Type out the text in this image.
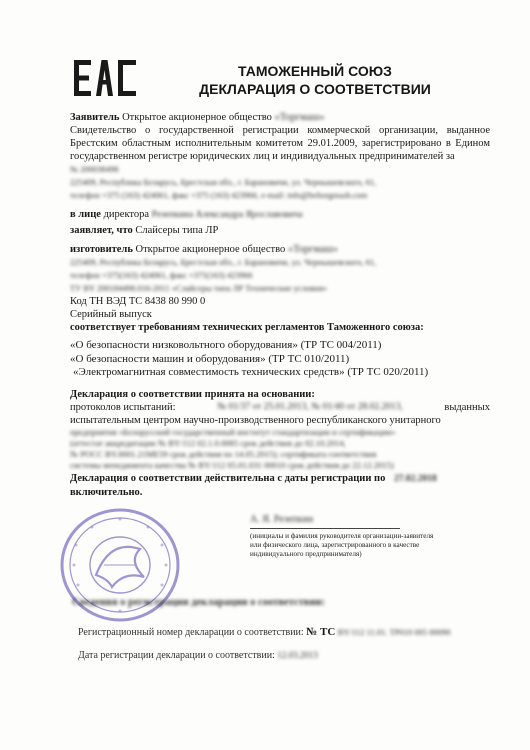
ТАМОЖЕННЫЙ СОЮЗ
ДЕКЛАРАЦИЯ О СООТВЕТСТВИИ
Заявитель Открытое акционерное общество «Торгмаш»
Свидетельство о государственной регистрации коммерческой организации, выданное Брестским областным исполнительным комитетом 29.01.2009, зарегистрировано в Едином государственном регистре юридических лиц и индивидуальных предпринимателей за
№ 200038498
225409, Республика Беларусь, Брестская обл., г. Барановичи, ул. Чернышевского, 61,
телефон +375 (163) 424061, факс +375 (163) 423966, e-mail: info@beltorgmash.com
в лице директора Резепкина Александра Ярославовича
заявляет, что Слайсеры типа ЛР
изготовитель Открытое акционерное общество «Торгмаш»
225409, Республика Беларусь, Брестская обл., г. Барановичи, ул. Чернышевского, 61,
телефон +375(163) 424061, факс +375(163) 423966
ТУ BY 200184498.016-2011 «Слайсеры типа ЛР Технические условия»
Код ТН ВЭД ТС 8438 80 990 0
Серийный выпуск
соответствует требованиям технических регламентов Таможенного союза:
«О безопасности низковольтного оборудования» (ТР ТС 004/2011)
«О безопасности машин и оборудования» (ТР ТС 010/2011)
«Электромагнитная совместимость технических средств» (ТР ТС 020/2011)
Декларация о соответствии принята на основании:
протоколов испытаний:	№ 01/37 от 25.01.2013, № 01/40 от 28.02.2013,	выданных
испытательным центром научно-производственного республиканского унитарного
предприятия «Белорусский государственный институт стандартизации и сертификации»
(аттестат аккредитации № BY/112 02.1.0.0085 срок действия до 02.10.2014,
№ РОСС BY.0001.21ME59 срок действия по 14.05.2015); сертификата соответствия
системы менеджмента качества № BY/112 05.01.031 00010 срок действия до 22.12.2015)
Декларация о соответствии действительна с даты регистрации по 27.02.2018
включительно.
А. Я. Резепкин
(инициалы и фамилия руководителя организации-заявителя
или физического лица, зарегистрированного в качестве
индивидуального предпринимателя)
Сведения о регистрации декларации о соответствии:
Регистрационный номер декларации о соответствии: № ТС BY/112 11.01. ТР010 005 00090
Дата регистрации декларации о соответствии: 12.03.2013
